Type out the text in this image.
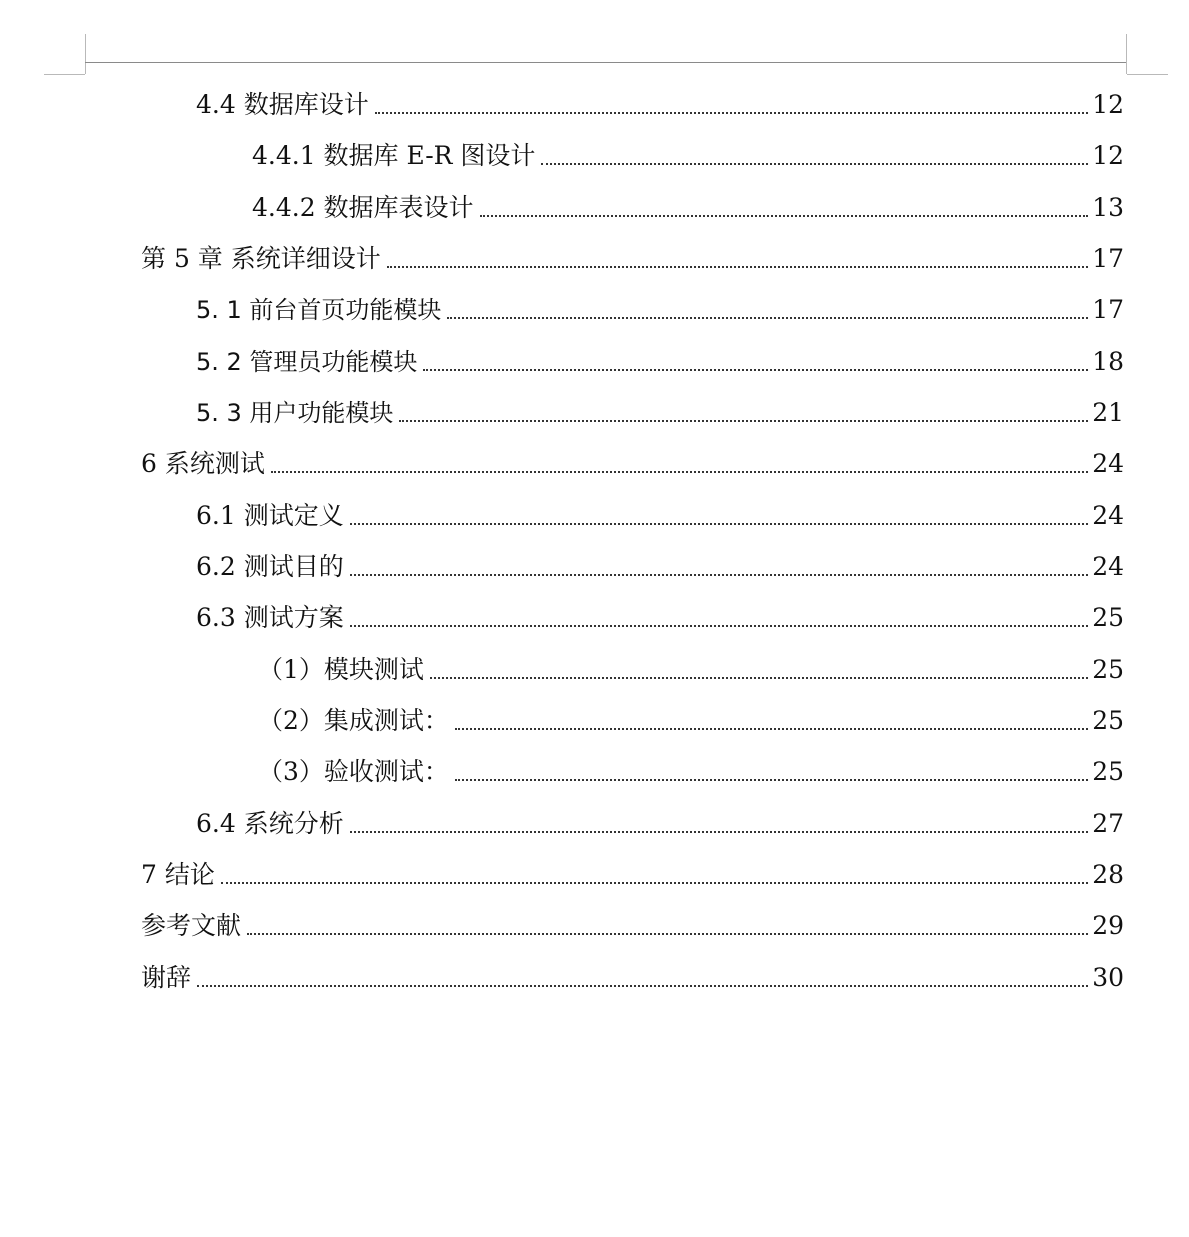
4.4 数据库设计	12
4.4.1 数据库 E-R 图设计	12
4.4.2 数据库表设计	13
第 5 章 系统详细设计	17
5. 1 前台首页功能模块	17
5. 2 管理员功能模块	18
5. 3 用户功能模块	21
6 系统测试	24
6.1 测试定义	24
6.2 测试目的	24
6.3 测试方案	25
（1）模块测试	25
（2）集成测试：	25
（3）验收测试：	25
6.4 系统分析	27
7 结论	28
参考文献	29
谢辞	30
